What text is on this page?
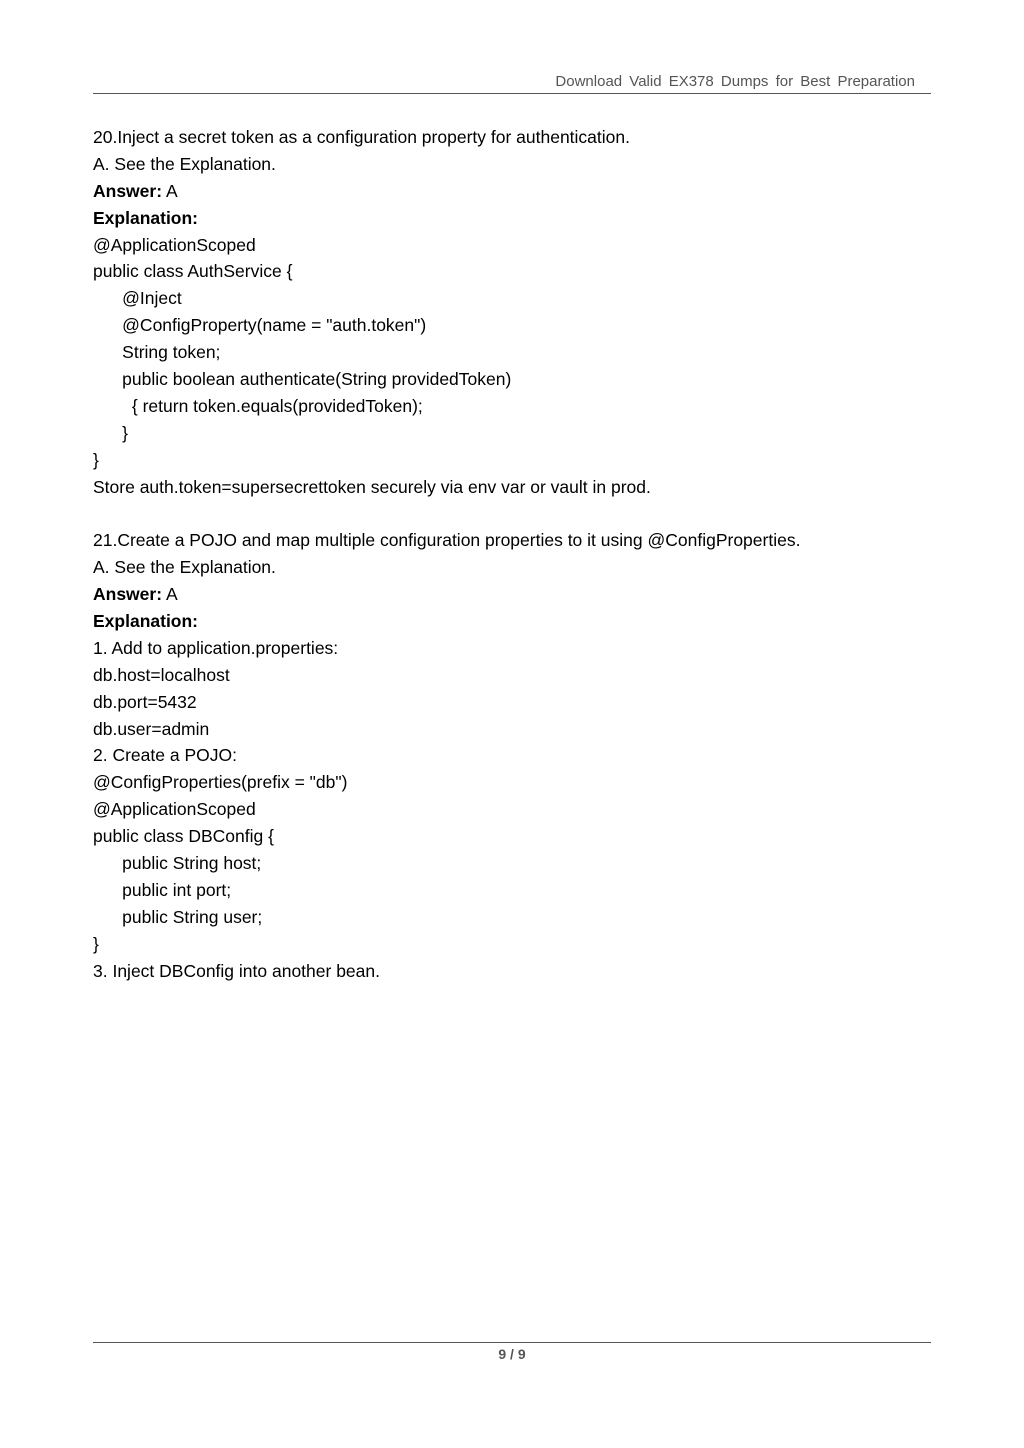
Download Valid EX378 Dumps for Best Preparation
20.Inject a secret token as a configuration property for authentication.
A. See the Explanation.
Answer: A
Explanation:
@ApplicationScoped
public class AuthService {
@Inject
@ConfigProperty(name = "auth.token")
String token;
public boolean authenticate(String providedToken)
{ return token.equals(providedToken);
}
}
Store auth.token=supersecrettoken securely via env var or vault in prod.
21.Create a POJO and map multiple configuration properties to it using @ConfigProperties.
A. See the Explanation.
Answer: A
Explanation:
1. Add to application.properties:
db.host=localhost
db.port=5432
db.user=admin
2. Create a POJO:
@ConfigProperties(prefix = "db")
@ApplicationScoped
public class DBConfig {
public String host;
public int port;
public String user;
}
3. Inject DBConfig into another bean.
9 / 9
